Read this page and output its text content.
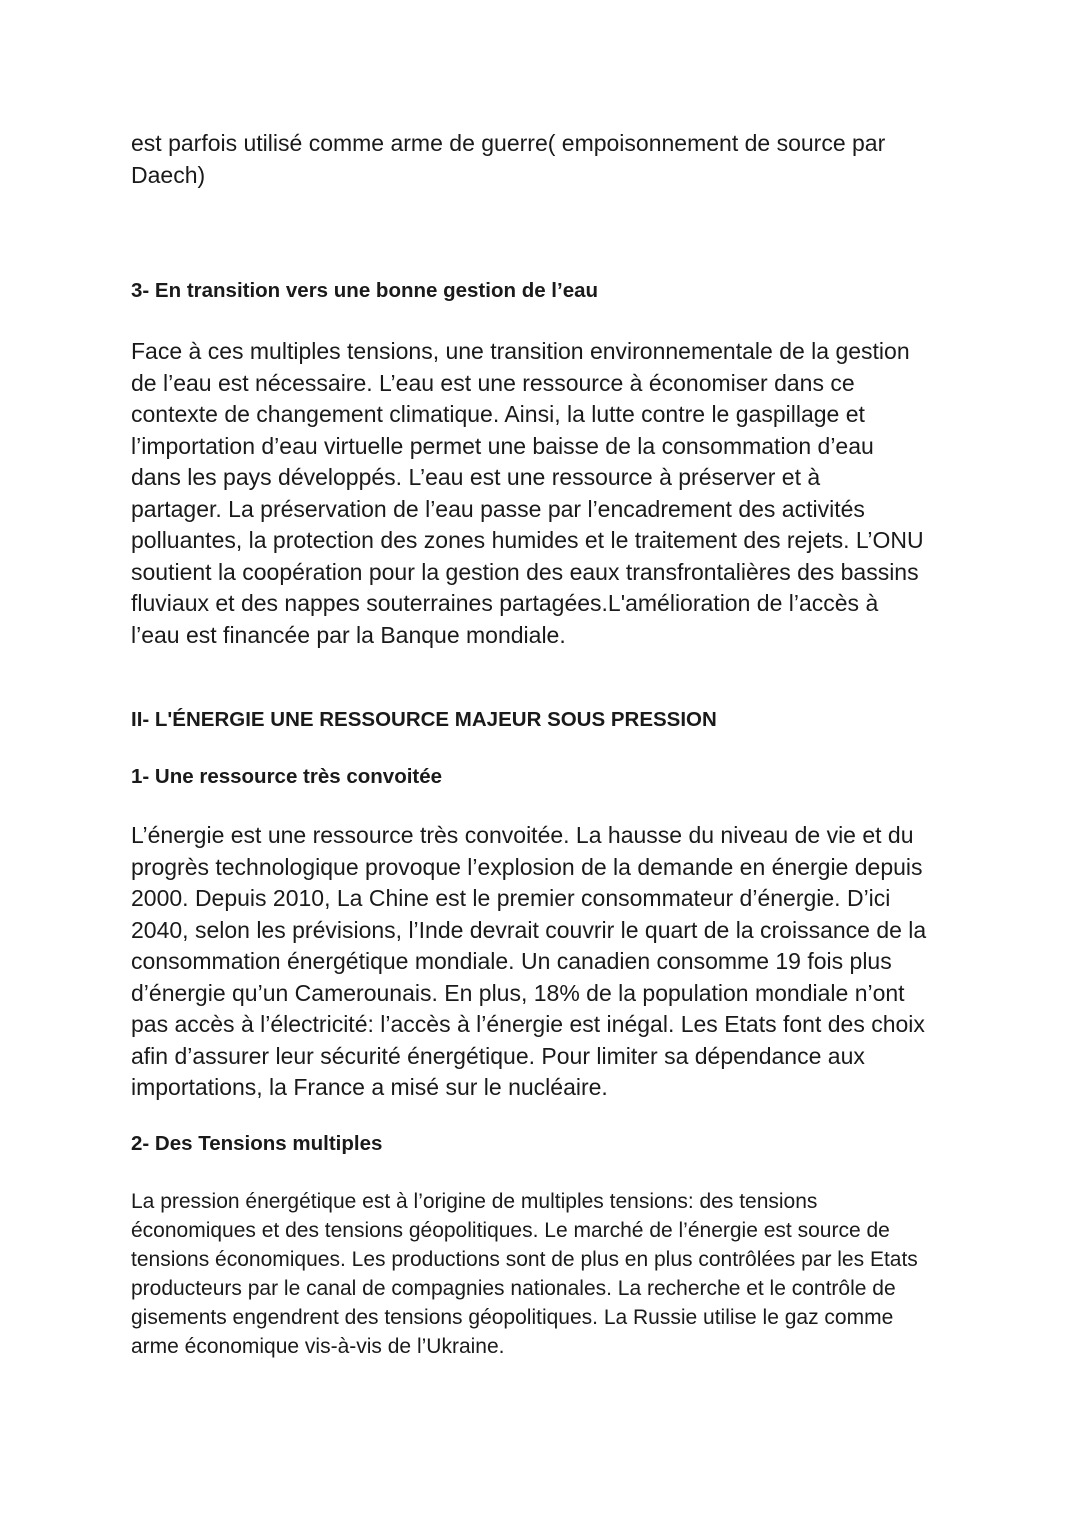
est parfois utilisé comme arme de guerre( empoisonnement de source par
Daech)
3- En transition vers une bonne gestion de l’eau
Face à ces multiples tensions, une transition environnementale de la gestion
de l’eau est nécessaire. L’eau est une ressource à économiser dans ce
contexte de changement climatique. Ainsi, la lutte contre le gaspillage et
l’importation d’eau virtuelle permet une baisse de la consommation d’eau
dans les pays développés. L’eau est une ressource à préserver et à
partager. La préservation de l’eau passe par l’encadrement des activités
polluantes, la protection des zones humides et le traitement des rejets. L’ONU
soutient la coopération pour la gestion des eaux transfrontalières des bassins
fluviaux et des nappes souterraines partagées.L'amélioration de l’accès à
l’eau est financée par la Banque mondiale.
II- L'ÉNERGIE UNE RESSOURCE MAJEUR SOUS PRESSION
1- Une ressource très convoitée
L’énergie est une ressource très convoitée. La hausse du niveau de vie et du
progrès technologique provoque l’explosion de la demande en énergie depuis
2000. Depuis 2010, La Chine est le premier consommateur d’énergie. D’ici
2040, selon les prévisions, l’Inde devrait couvrir le quart de la croissance de la
consommation énergétique mondiale. Un canadien consomme 19 fois plus
d’énergie qu’un Camerounais. En plus, 18% de la population mondiale n’ont
pas accès à l’électricité: l’accès à l’énergie est inégal. Les Etats font des choix
afin d’assurer leur sécurité énergétique. Pour limiter sa dépendance aux
importations, la France a misé sur le nucléaire.
2- Des Tensions multiples
La pression énergétique est à l’origine de multiples tensions: des tensions
économiques et des tensions géopolitiques. Le marché de l’énergie est source de
tensions économiques. Les productions sont de plus en plus contrôlées par les Etats
producteurs par le canal de compagnies nationales. La recherche et le contrôle de
gisements engendrent des tensions géopolitiques. La Russie utilise le gaz comme
arme économique vis-à-vis de l’Ukraine.
